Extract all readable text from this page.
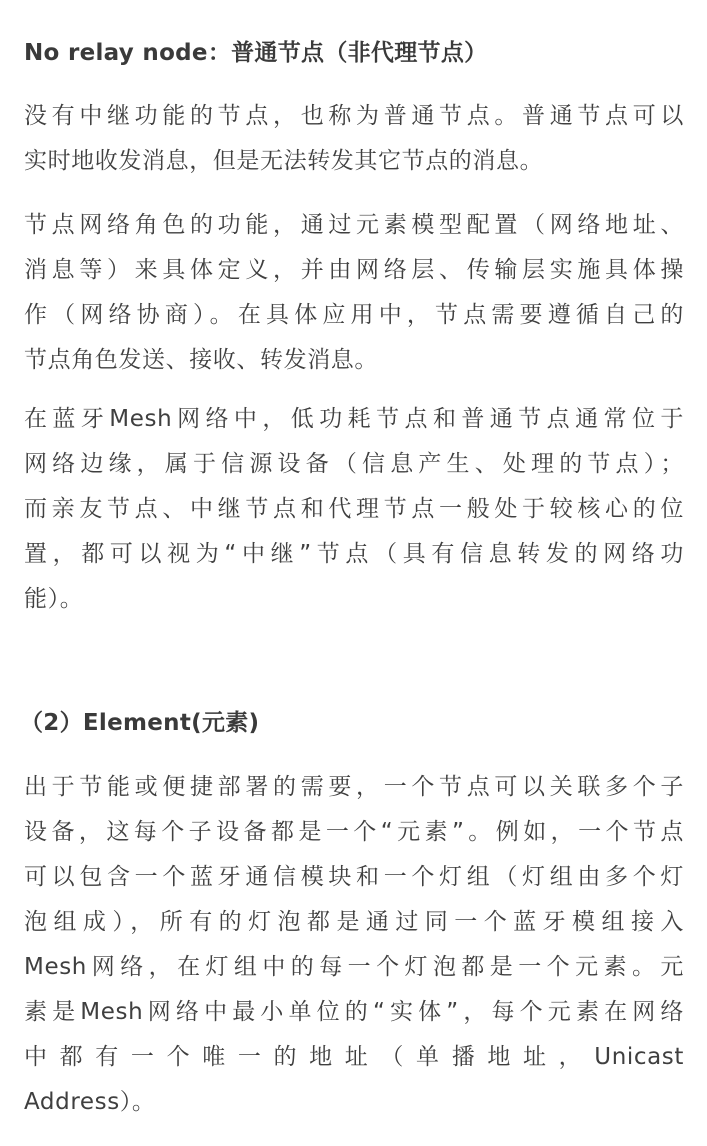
No relay node：普通节点（非代理节点）
没有中继功能的节点，也称为普通节点。普通节点可以
实时地收发消息，但是无法转发其它节点的消息。
节点网络角色的功能，通过元素模型配置（网络地址、
消息等）来具体定义，并由网络层、传输层实施具体操
作（网络协商）。在具体应用中，节点需要遵循自己的
节点角色发送、接收、转发消息。
在蓝牙Mesh网络中，低功耗节点和普通节点通常位于
网络边缘，属于信源设备（信息产生、处理的节点）；
而亲友节点、中继节点和代理节点一般处于较核心的位
置，都可以视为“中继”节点（具有信息转发的网络功
能）。
（2）Element(元素)
出于节能或便捷部署的需要，一个节点可以关联多个子
设备，这每个子设备都是一个“元素”。例如，一个节点
可以包含一个蓝牙通信模块和一个灯组（灯组由多个灯
泡组成），所有的灯泡都是通过同一个蓝牙模组接入
Mesh网络，在灯组中的每一个灯泡都是一个元素。元
素是Mesh网络中最小单位的“实体”，每个元素在网络
中都有一个唯一的地址（单播地址，Unicast
Address）。
